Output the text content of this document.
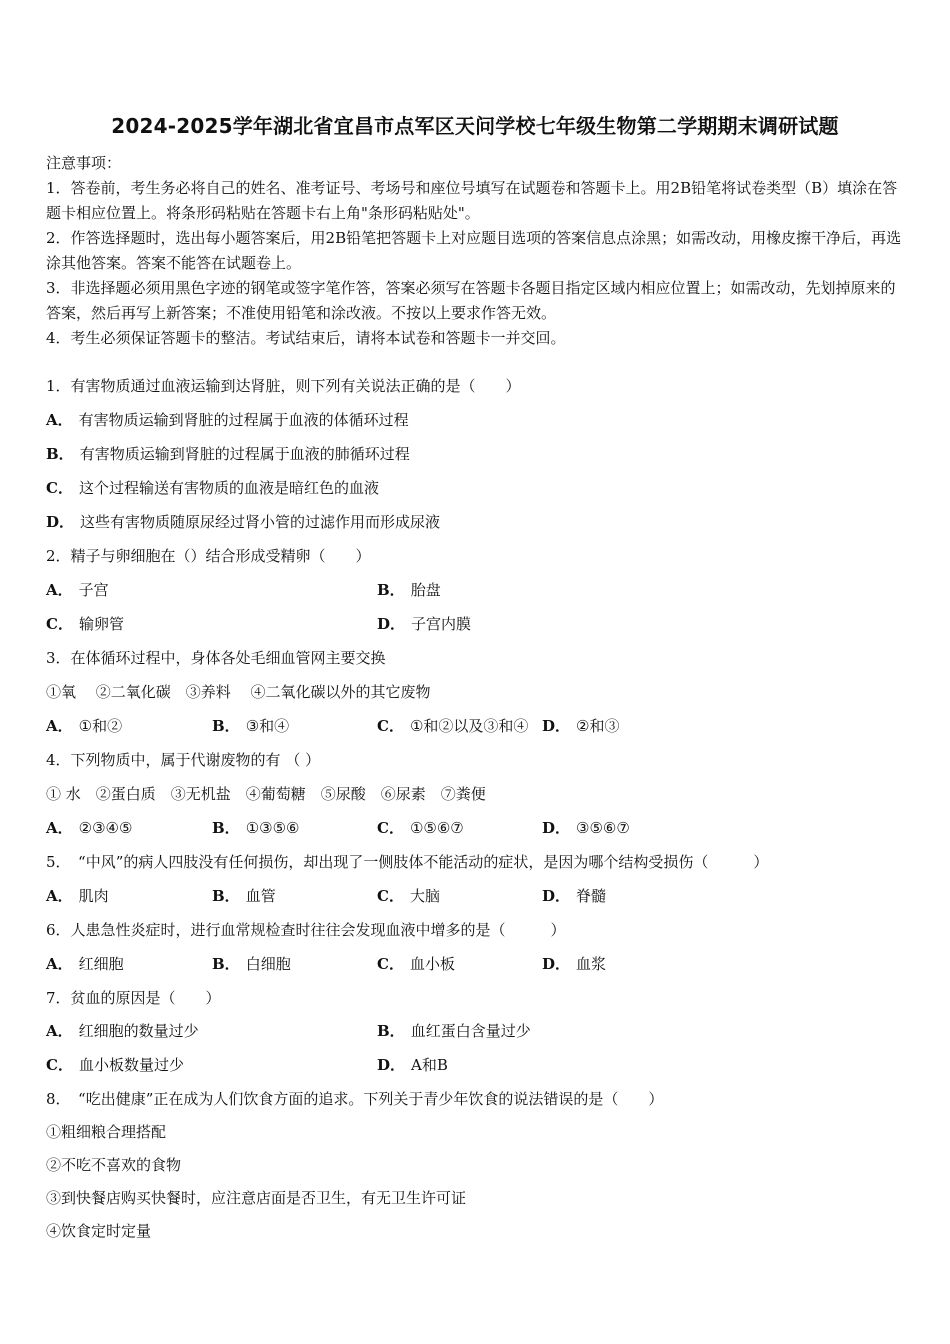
2024-2025学年湖北省宜昌市点军区天问学校七年级生物第二学期期末调研试题
注意事项：

1．答卷前，考生务必将自己的姓名、准考证号、考场号和座位号填写在试题卷和答题卡上。用2B铅笔将试卷类型（B）填涂在答题卡相应位置上。将条形码粘贴在答题卡右上角"条形码粘贴处"。

2．作答选择题时，选出每小题答案后，用2B铅笔把答题卡上对应题目选项的答案信息点涂黑；如需改动，用橡皮擦干净后，再选涂其他答案。答案不能答在试题卷上。

3．非选择题必须用黑色字迹的钢笔或签字笔作答，答案必须写在答题卡各题目指定区域内相应位置上；如需改动，先划掉原来的答案，然后再写上新答案；不准使用铅笔和涂改液。不按以上要求作答无效。

4．考生必须保证答题卡的整洁。考试结束后，请将本试卷和答题卡一并交回。

1．有害物质通过血液运输到达肾脏，则下列有关说法正确的是（　　）
A． 有害物质运输到肾脏的过程属于血液的体循环过程
B． 有害物质运输到肾脏的过程属于血液的肺循环过程
C． 这个过程输送有害物质的血液是暗红色的血液
D． 这些有害物质随原尿经过肾小管的过滤作用而形成尿液
2．精子与卵细胞在（）结合形成受精卵（　　）
A． 子宫	B． 胎盘
C． 输卵管	D． 子宫内膜
3．在体循环过程中，身体各处毛细血管网主要交换
①氧　 ②二氧化碳　③养料　 ④二氧化碳以外的其它废物
A． ①和②	B． ③和④	C． ①和②以及③和④ D． ②和③
4．下列物质中，属于代谢废物的有 （ ）
① 水　②蛋白质　③无机盐　④葡萄糖　⑤尿酸　⑥尿素　⑦粪便
A． ②③④⑤	B． ①③⑤⑥	C． ①⑤⑥⑦	D． ③⑤⑥⑦
5．　“中风”的病人四肢没有任何损伤，却出现了一侧肢体不能活动的症状，是因为哪个结构受损伤（　　　）
A． 肌肉	B． 血管	C． 大脑	D． 脊髓
6．人患急性炎症时，进行血常规检查时往往会发现血液中增多的是（　　　）
A． 红细胞	B． 白细胞	C． 血小板	D． 血浆
7．贫血的原因是（　　）
A． 红细胞的数量过少	B． 血红蛋白含量过少
C． 血小板数量过少	D． A和B
8．　“吃出健康”正在成为人们饮食方面的追求。下列关于青少年饮食的说法错误的是（　　）
①粗细粮合理搭配
②不吃不喜欢的食物
③到快餐店购买快餐时，应注意店面是否卫生，有无卫生许可证
④饮食定时定量
